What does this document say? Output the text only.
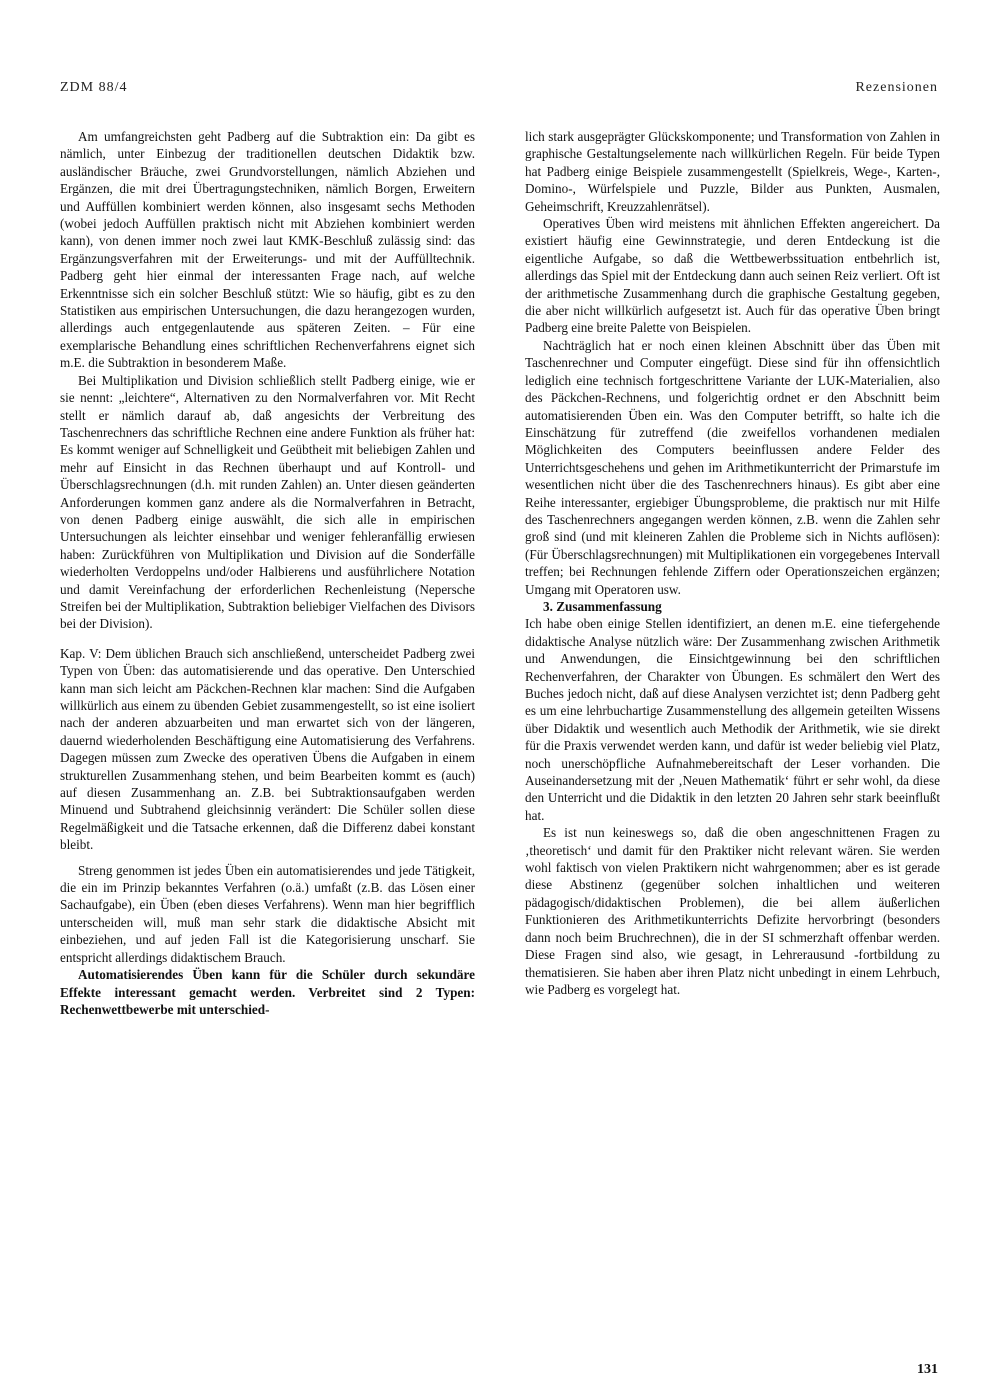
ZDM 88/4	Rezensionen

Am umfangreichsten geht Padberg auf die Subtraktion ein: Da gibt es nämlich, unter Einbezug der traditionellen deutschen Didaktik bzw. ausländischer Bräuche, zwei Grundvorstellungen, nämlich Abziehen und Ergänzen, die mit drei Übertragungstechniken, nämlich Borgen, Erweitern und Auffüllen kombiniert werden können, also insgesamt sechs Methoden (wobei jedoch Auffüllen praktisch nicht mit Abziehen kombiniert werden kann), von denen immer noch zwei laut KMK-Beschluß zulässig sind: das Ergänzungsverfahren mit der Erweiterungs- und mit der Auffülltechnik. Padberg geht hier einmal der interessanten Frage nach, auf welche Erkenntnisse sich ein solcher Beschluß stützt: Wie so häufig, gibt es zu den Statistiken aus empirischen Untersuchungen, die dazu herangezogen wurden, allerdings auch entgegenlautende aus späteren Zeiten. – Für eine exemplarische Behandlung eines schriftlichen Rechenverfahrens eignet sich m.E. die Subtraktion in besonderem Maße.

Bei Multiplikation und Division schließlich stellt Padberg einige, wie er sie nennt: „leichtere“, Alternativen zu den Normalverfahren vor. Mit Recht stellt er nämlich darauf ab, daß angesichts der Verbreitung des Taschenrechners das schriftliche Rechnen eine andere Funktion als früher hat: Es kommt weniger auf Schnelligkeit und Geübtheit mit beliebigen Zahlen und mehr auf Einsicht in das Rechnen überhaupt und auf Kontroll- und Überschlagsrechnungen (d.h. mit runden Zahlen) an. Unter diesen geänderten Anforderungen kommen ganz andere als die Normalverfahren in Betracht, von denen Padberg einige auswählt, die sich alle in empirischen Untersuchungen als leichter einsehbar und weniger fehleranfällig erwiesen haben: Zurückführen von Multiplikation und Division auf die Sonderfälle wiederholten Verdoppelns und/oder Halbierens und ausführlichere Notation und damit Vereinfachung der erforderlichen Rechenleistung (Nepersche Streifen bei der Multiplikation, Subtraktion beliebiger Vielfachen des Divisors bei der Division).

Kap. V: Dem üblichen Brauch sich anschließend, unterscheidet Padberg zwei Typen von Üben: das automatisierende und das operative. Den Unterschied kann man sich leicht am Päckchen-Rechnen klar machen: Sind die Aufgaben willkürlich aus einem zu übenden Gebiet zusammengestellt, so ist eine isoliert nach der anderen abzuarbeiten und man erwartet sich von der längeren, dauernd wiederholenden Beschäftigung eine Automatisierung des Verfahrens. Dagegen müssen zum Zwecke des operativen Übens die Aufgaben in einem strukturellen Zusammenhang stehen, und beim Bearbeiten kommt es (auch) auf diesen Zusammenhang an. Z.B. bei Subtraktionsaufgaben werden Minuend und Subtrahend gleichsinnig verändert: Die Schüler sollen diese Regelmäßigkeit und die Tatsache erkennen, daß die Differenz dabei konstant bleibt.

Streng genommen ist jedes Üben ein automatisierendes und jede Tätigkeit, die ein im Prinzip bekanntes Verfahren (o.ä.) umfaßt (z.B. das Lösen einer Sachaufgabe), ein Üben (eben dieses Verfahrens). Wenn man hier begrifflich unterscheiden will, muß man sehr stark die didaktische Absicht mit einbeziehen, und auf jeden Fall ist die Kategorisierung unscharf. Sie entspricht allerdings didaktischem Brauch.

Automatisierendes Üben kann für die Schüler durch sekundäre Effekte interessant gemacht werden. Verbreitet sind 2 Typen: Rechenwettbewerbe mit unterschied-

lich stark ausgeprägter Glückskomponente; und Transformation von Zahlen in graphische Gestaltungselemente nach willkürlichen Regeln. Für beide Typen hat Padberg einige Beispiele zusammengestellt (Spielkreis, Wege-, Karten-, Domino-, Würfelspiele und Puzzle, Bilder aus Punkten, Ausmalen, Geheimschrift, Kreuzzahlenrätsel).

Operatives Üben wird meistens mit ähnlichen Effekten angereichert. Da existiert häufig eine Gewinnstrategie, und deren Entdeckung ist die eigentliche Aufgabe, so daß die Wettbewerbssituation entbehrlich ist, allerdings das Spiel mit der Entdeckung dann auch seinen Reiz verliert. Oft ist der arithmetische Zusammenhang durch die graphische Gestaltung gegeben, die aber nicht willkürlich aufgesetzt ist. Auch für das operative Üben bringt Padberg eine breite Palette von Beispielen.

Nachträglich hat er noch einen kleinen Abschnitt über das Üben mit Taschenrechner und Computer eingefügt. Diese sind für ihn offensichtlich lediglich eine technisch fortgeschrittene Variante der LUK-Materialien, also des Päckchen-Rechnens, und folgerichtig ordnet er den Abschnitt beim automatisierenden Üben ein. Was den Computer betrifft, so halte ich die Einschätzung für zutreffend (die zweifellos vorhandenen medialen Möglichkeiten des Computers beeinflussen andere Felder des Unterrichtsgeschehens und gehen im Arithmetikunterricht der Primarstufe im wesentlichen nicht über die des Taschenrechners hinaus). Es gibt aber eine Reihe interessanter, ergiebiger Übungsprobleme, die praktisch nur mit Hilfe des Taschenrechners angegangen werden können, z.B. wenn die Zahlen sehr groß sind (und mit kleineren Zahlen die Probleme sich in Nichts auflösen): (Für Überschlagsrechnungen) mit Multiplikationen ein vorgegebenes Intervall treffen; bei Rechnungen fehlende Ziffern oder Operationszeichen ergänzen; Umgang mit Operatoren usw.

3. Zusammenfassung

Ich habe oben einige Stellen identifiziert, an denen m.E. eine tiefergehende didaktische Analyse nützlich wäre: Der Zusammenhang zwischen Arithmetik und Anwendungen, die Einsichtgewinnung bei den schriftlichen Rechenverfahren, der Charakter von Übungen. Es schmälert den Wert des Buches jedoch nicht, daß auf diese Analysen verzichtet ist; denn Padberg geht es um eine lehrbuchartige Zusammenstellung des allgemein geteilten Wissens über Didaktik und wesentlich auch Methodik der Arithmetik, wie sie direkt für die Praxis verwendet werden kann, und dafür ist weder beliebig viel Platz, noch unerschöpfliche Aufnahmebereitschaft der Leser vorhanden. Die Auseinandersetzung mit der ‚Neuen Mathematik‘ führt er sehr wohl, da diese den Unterricht und die Didaktik in den letzten 20 Jahren sehr stark beeinflußt hat.

Es ist nun keineswegs so, daß die oben angeschnittenen Fragen zu ‚theoretisch‘ und damit für den Praktiker nicht relevant wären. Sie werden wohl faktisch von vielen Praktikern nicht wahrgenommen; aber es ist gerade diese Abstinenz (gegenüber solchen inhaltlichen und weiteren pädagogisch/didaktischen Problemen), die bei allem äußerlichen Funktionieren des Arithmetikunterrichts Defizite hervorbringt (besonders dann noch beim Bruchrechnen), die in der SI schmerzhaft offenbar werden. Diese Fragen sind also, wie gesagt, in Lehrerausund -fortbildung zu thematisieren. Sie haben aber ihren Platz nicht unbedingt in einem Lehrbuch, wie Padberg es vorgelegt hat.

131
